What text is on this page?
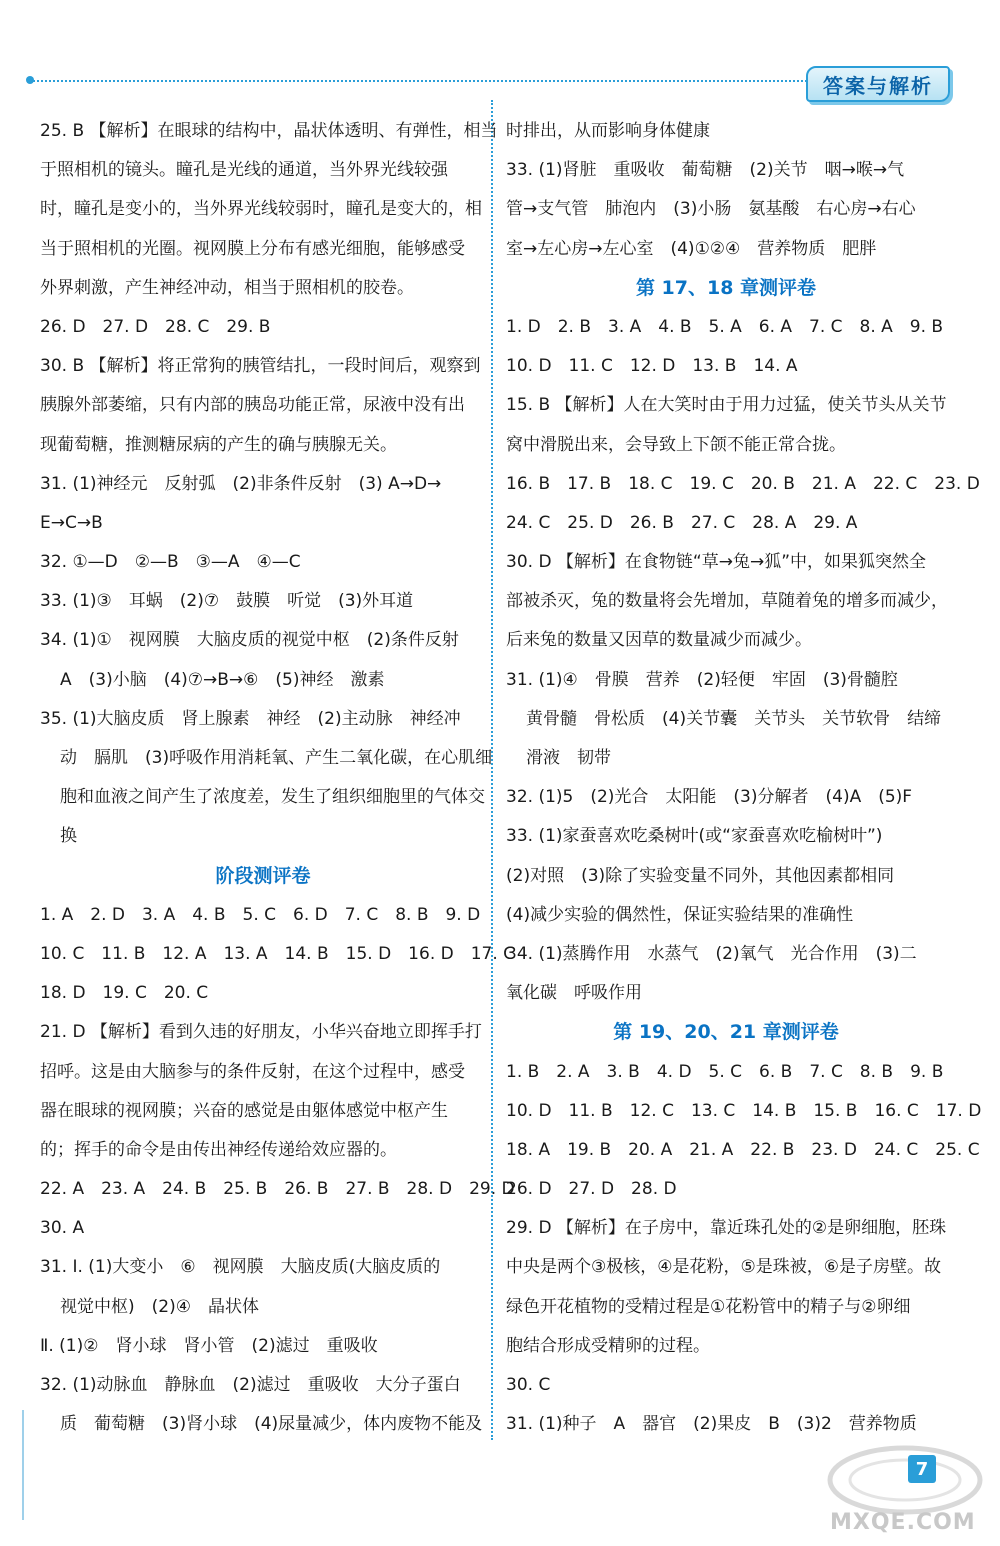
答案与解析
25. B 【解析】在眼球的结构中，晶状体透明、有弹性，相当
于照相机的镜头。瞳孔是光线的通道，当外界光线较强
时，瞳孔是变小的，当外界光线较弱时，瞳孔是变大的，相
当于照相机的光圈。视网膜上分布有感光细胞，能够感受
外界刺激，产生神经冲动，相当于照相机的胶卷。
26. D　27. D　28. C　29. B
30. B 【解析】将正常狗的胰管结扎，一段时间后，观察到
胰腺外部萎缩，只有内部的胰岛功能正常，尿液中没有出
现葡萄糖，推测糖尿病的产生的确与胰腺无关。
31. (1)神经元　反射弧　(2)非条件反射　(3) A→D→
E→C→B
32. ①—D　②—B　③—A　④—C
33. (1)③　耳蜗　(2)⑦　鼓膜　听觉　(3)外耳道
34. (1)①　视网膜　大脑皮质的视觉中枢　(2)条件反射
A　(3)小脑　(4)⑦→B→⑥　(5)神经　激素
35. (1)大脑皮质　肾上腺素　神经　(2)主动脉　神经冲
动　膈肌　(3)呼吸作用消耗氧、产生二氧化碳，在心肌细
胞和血液之间产生了浓度差，发生了组织细胞里的气体交
换
阶段测评卷
1. A　2. D　3. A　4. B　5. C　6. D　7. C　8. B　9. D
10. C　11. B　12. A　13. A　14. B　15. D　16. D　17. C
18. D　19. C　20. C
21. D 【解析】看到久违的好朋友，小华兴奋地立即挥手打
招呼。这是由大脑参与的条件反射，在这个过程中，感受
器在眼球的视网膜；兴奋的感觉是由躯体感觉中枢产生
的；挥手的命令是由传出神经传递给效应器的。
22. A　23. A　24. B　25. B　26. B　27. B　28. D　29. D
30. A
31. Ⅰ. (1)大变小　⑥　视网膜　大脑皮质(大脑皮质的
视觉中枢)　(2)④　晶状体
Ⅱ. (1)②　肾小球　肾小管　(2)滤过　重吸收
32. (1)动脉血　静脉血　(2)滤过　重吸收　大分子蛋白
质　葡萄糖　(3)肾小球　(4)尿量减少，体内废物不能及
时排出，从而影响身体健康
33. (1)肾脏　重吸收　葡萄糖　(2)关节　咽→喉→气
管→支气管　肺泡内　(3)小肠　氨基酸　右心房→右心
室→左心房→左心室　(4)①②④　营养物质　肥胖
第 17、18 章测评卷
1. D　2. B　3. A　4. B　5. A　6. A　7. C　8. A　9. B
10. D　11. C　12. D　13. B　14. A
15. B 【解析】人在大笑时由于用力过猛，使关节头从关节
窝中滑脱出来，会导致上下颌不能正常合拢。
16. B　17. B　18. C　19. C　20. B　21. A　22. C　23. D
24. C　25. D　26. B　27. C　28. A　29. A
30. D 【解析】在食物链“草→兔→狐”中，如果狐突然全
部被杀灭，兔的数量将会先增加，草随着兔的增多而减少，
后来兔的数量又因草的数量减少而减少。
31. (1)④　骨膜　营养　(2)轻便　牢固　(3)骨髓腔
黄骨髓　骨松质　(4)关节囊　关节头　关节软骨　结缔
滑液　韧带
32. (1)5　(2)光合　太阳能　(3)分解者　(4)A　(5)F
33. (1)家蚕喜欢吃桑树叶(或“家蚕喜欢吃榆树叶”)
(2)对照　(3)除了实验变量不同外，其他因素都相同
(4)减少实验的偶然性，保证实验结果的准确性
34. (1)蒸腾作用　水蒸气　(2)氧气　光合作用　(3)二
氧化碳　呼吸作用
第 19、20、21 章测评卷
1. B　2. A　3. B　4. D　5. C　6. B　7. C　8. B　9. B
10. D　11. B　12. C　13. C　14. B　15. B　16. C　17. D
18. A　19. B　20. A　21. A　22. B　23. D　24. C　25. C
26. D　27. D　28. D
29. D 【解析】在子房中，靠近珠孔处的②是卵细胞，胚珠
中央是两个③极核，④是花粉，⑤是珠被，⑥是子房壁。故
绿色开花植物的受精过程是①花粉管中的精子与②卵细
胞结合形成受精卵的过程。
30. C
31. (1)种子　A　器官　(2)果皮　B　(3)2　营养物质
7
MXQE.COM
